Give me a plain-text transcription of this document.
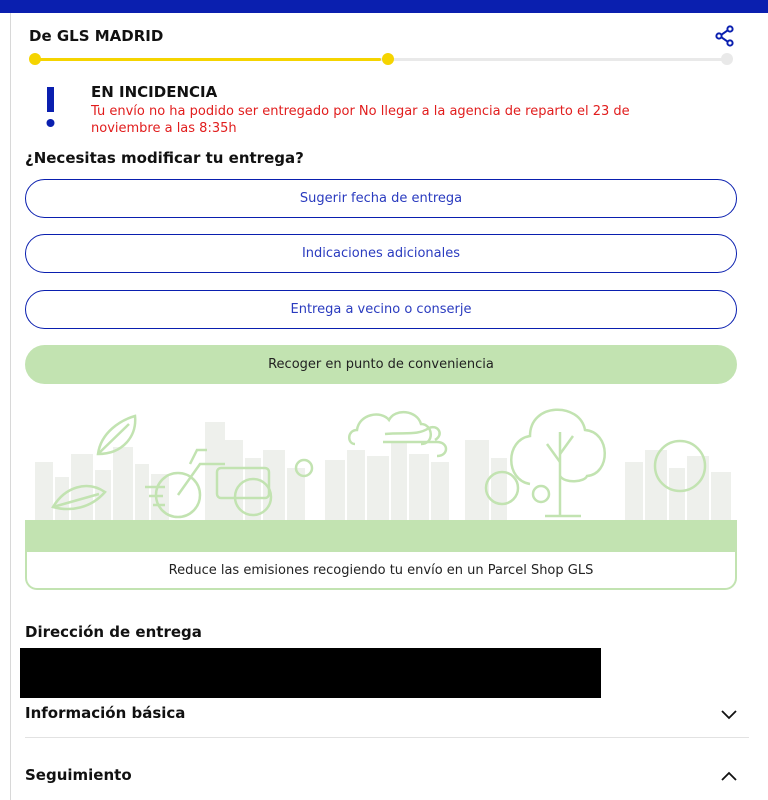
De GLS MADRID
EN INCIDENCIA
Tu envío no ha podido ser entregado por No llegar a la agencia de reparto el 23 de noviembre a las 8:35h
¿Necesitas modificar tu entrega?
Sugerir fecha de entrega
Indicaciones adicionales
Entrega a vecino o conserje
Recoger en punto de conveniencia
Reduce las emisiones recogiendo tu envío en un Parcel Shop GLS
Dirección de entrega
Información básica
Seguimiento
